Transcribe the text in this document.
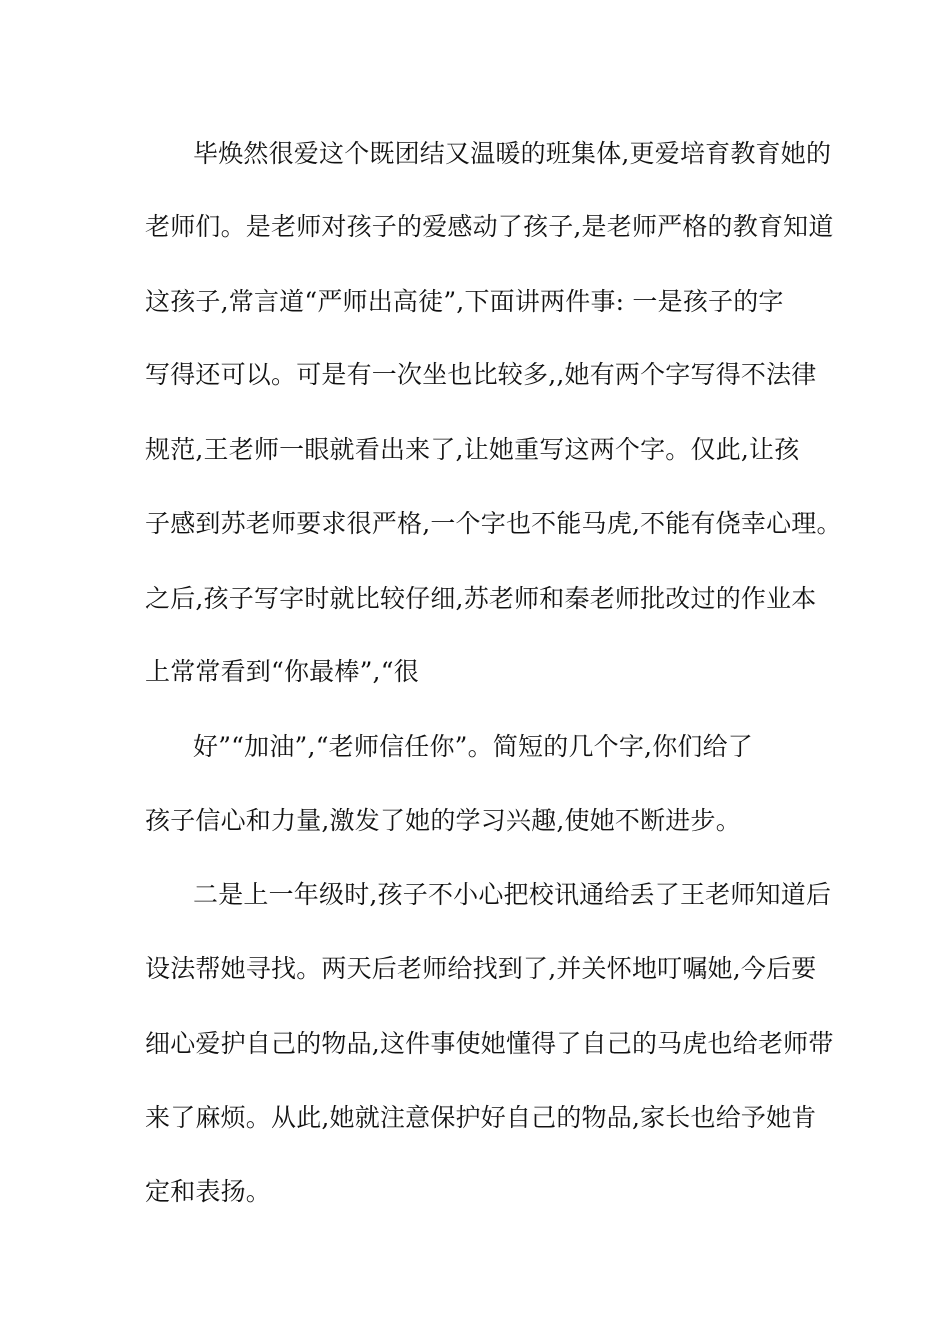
毕焕然很爱这个既团结又温暖的班集体,更爱培育教育她的
老师们。是老师对孩子的爱感动了孩子,是老师严格的教育知道
这孩子,常言道“严师出高徒”,下面讲两件事: 一是孩子的字
写得还可以。可是有一次坐也比较多,,她有两个字写得不法律
规范,王老师一眼就看出来了,让她重写这两个字。仅此,让孩
子感到苏老师要求很严格,一个字也不能马虎,不能有侥幸心理。
之后,孩子写字时就比较仔细,苏老师和秦老师批改过的作业本
上常常看到“你最棒”,“很
好”“加油”,“老师信任你”。简短的几个字,你们给了
孩子信心和力量,激发了她的学习兴趣,使她不断进步。
二是上一年级时,孩子不小心把校讯通给丢了王老师知道后
设法帮她寻找。两天后老师给找到了,并关怀地叮嘱她,今后要
细心爱护自己的物品,这件事使她懂得了自己的马虎也给老师带
来了麻烦。从此,她就注意保护好自己的物品,家长也给予她肯
定和表扬。
